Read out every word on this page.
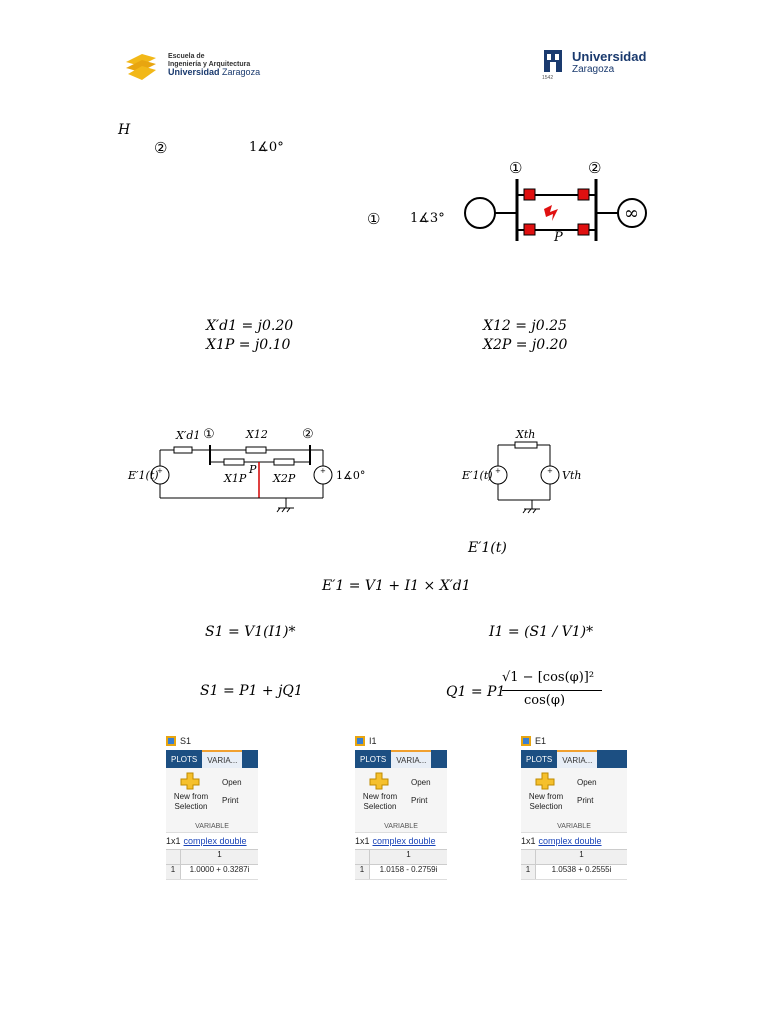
Escuela de
Ingeniería y Arquitectura
Universidad Zaragoza
1542
Universidad
Zaragoza
H
②	1∡0°
① 1∡3°
①	②
∞
P
X′d1 = j0.20
X1P = j0.10
X12 = j0.25
X2P = j0.20
+	+
X′d1 ①	X12	②
P
X1P X2P
E′1(t)	1∡0°	+	+
Xth
E′1(t)	Vth
E′1(t)
E′1 = V1 + I1 × X′d1
S1 = V1(I1)*	I1 = (S1 / V1)*
S1 = P1 + jQ1	Q1 = P1
√1 − [cos(φ)]²
cos(φ)
S1
PLOTS	VARIA...
New from Selection
Open
Print
VARIABLE
1x1 complex double
1
1	1.0000 + 0.3287i
I1
PLOTS	VARIA...
New from Selection
Open
Print
VARIABLE
1x1 complex double
1
1	1.0158 - 0.2759i
E1
PLOTS	VARIA...
New from Selection
Open
Print
VARIABLE
1x1 complex double
1
1	1.0538 + 0.2555i
